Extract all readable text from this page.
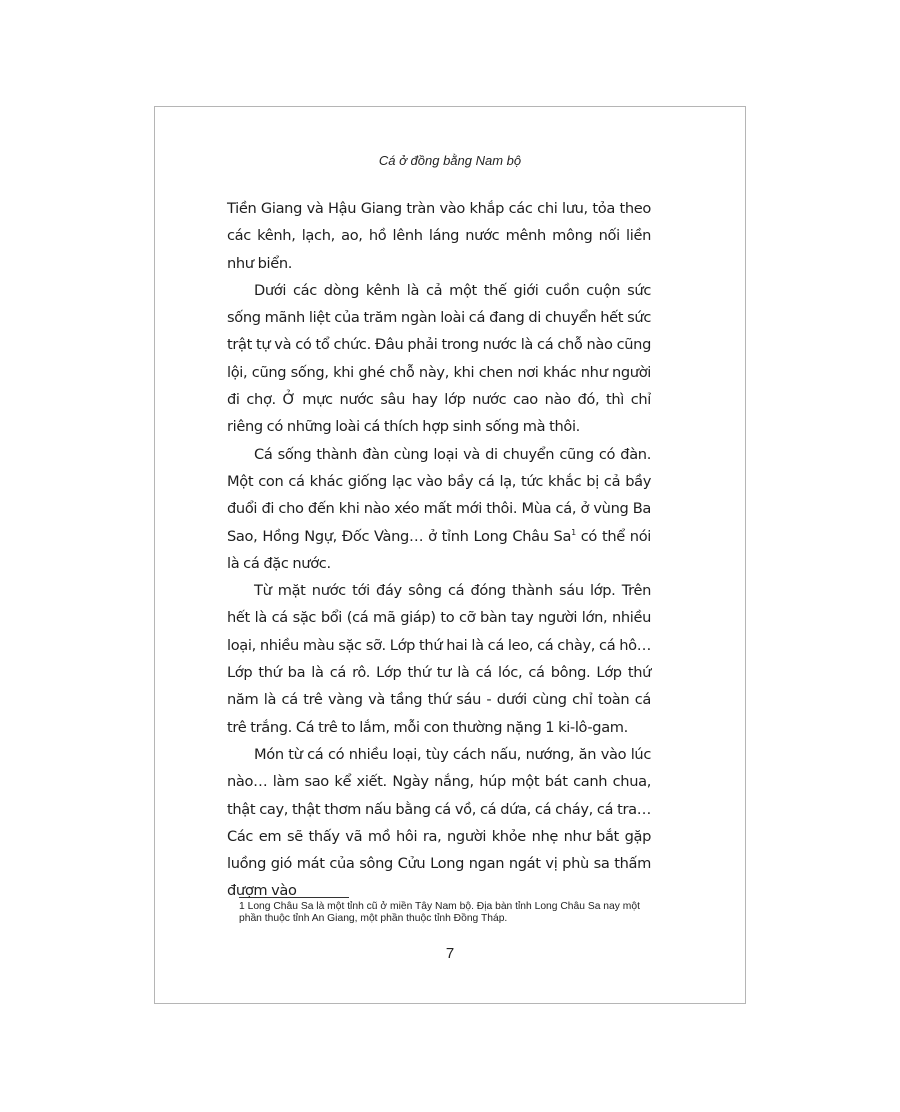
Cá ở đồng bằng Nam bộ

Tiền Giang và Hậu Giang tràn vào khắp các chi lưu, tỏa theo các kênh, lạch, ao, hồ lênh láng nước mênh mông nối liền như biển.

Dưới các dòng kênh là cả một thế giới cuồn cuộn sức sống mãnh liệt của trăm ngàn loài cá đang di chuyển hết sức trật tự và có tổ chức. Đâu phải trong nước là cá chỗ nào cũng lội, cũng sống, khi ghé chỗ này, khi chen nơi khác như người đi chợ. Ở mực nước sâu hay lớp nước cao nào đó, thì chỉ riêng có những loài cá thích hợp sinh sống mà thôi.

Cá sống thành đàn cùng loại và di chuyển cũng có đàn. Một con cá khác giống lạc vào bầy cá lạ, tức khắc bị cả bầy đuổi đi cho đến khi nào xéo mất mới thôi. Mùa cá, ở vùng Ba Sao, Hồng Ngự, Đốc Vàng… ở tỉnh Long Châu Sa$^1$ có thể nói là cá đặc nước.

Từ mặt nước tới đáy sông cá đóng thành sáu lớp. Trên hết là cá sặc bổi (cá mã giáp) to cỡ bàn tay người lớn, nhiều loại, nhiều màu sặc sỡ. Lớp thứ hai là cá leo, cá chày, cá hô… Lớp thứ ba là cá rô. Lớp thứ tư là cá lóc, cá bông. Lớp thứ năm là cá trê vàng và tầng thứ sáu - dưới cùng chỉ toàn cá trê trắng. Cá trê to lắm, mỗi con thường nặng 1 ki-lô-gam.

Món từ cá có nhiều loại, tùy cách nấu, nướng, ăn vào lúc nào… làm sao kể xiết. Ngày nắng, húp một bát canh chua, thật cay, thật thơm nấu bằng cá vồ, cá dứa, cá cháy, cá tra… Các em sẽ thấy vã mồ hôi ra, người khỏe nhẹ như bắt gặp luồng gió mát của sông Cửu Long ngan ngát vị phù sa thấm đượm vào

1 Long Châu Sa là một tỉnh cũ ở miền Tây Nam bộ. Địa bàn tỉnh Long Châu Sa nay một phần thuộc tỉnh An Giang, một phần thuộc tỉnh Đồng Tháp.
7
